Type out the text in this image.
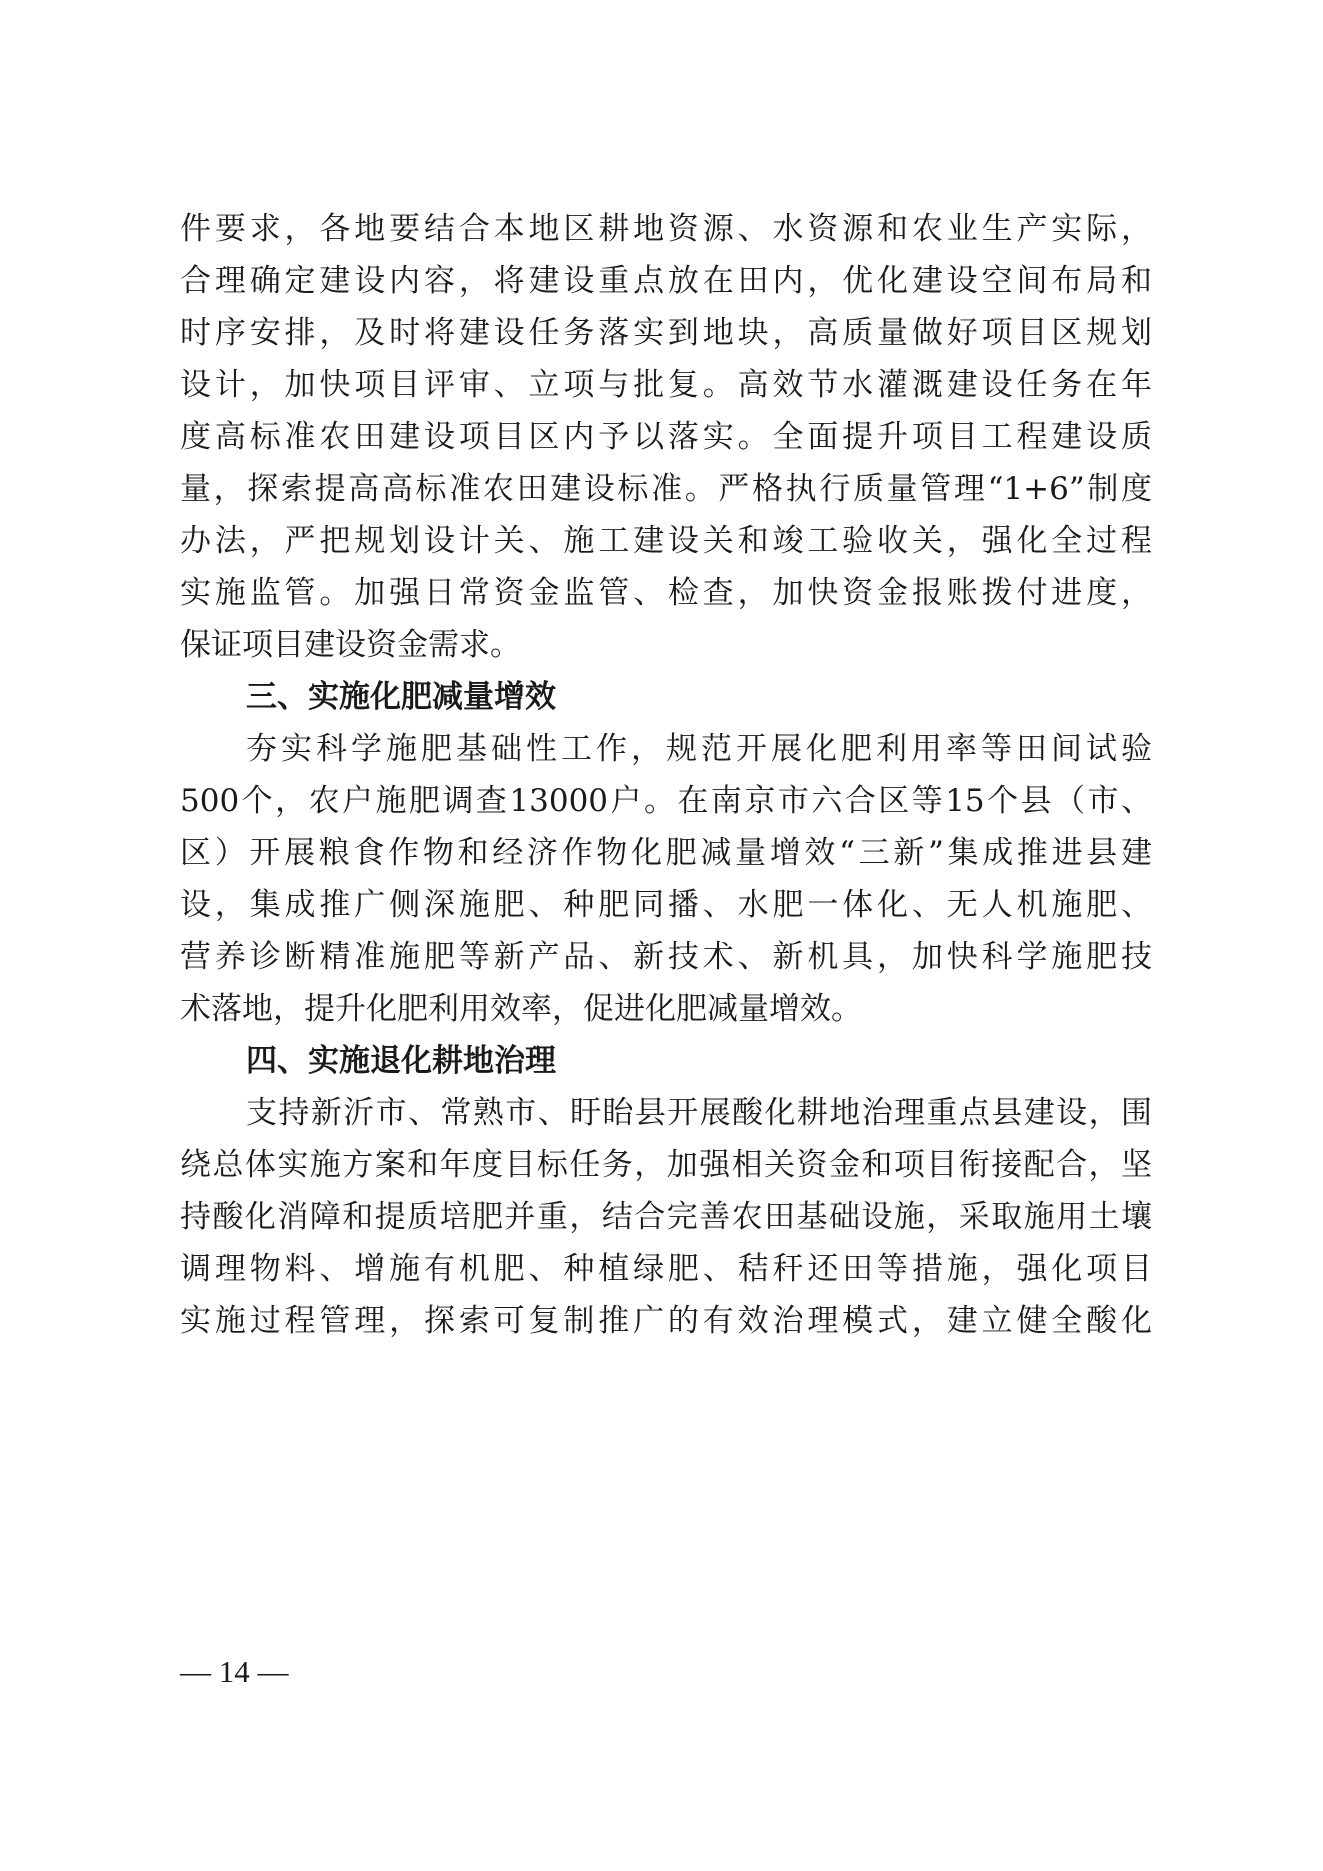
件要求，各地要结合本地区耕地资源、水资源和农业生产实际，
合理确定建设内容，将建设重点放在田内，优化建设空间布局和
时序安排，及时将建设任务落实到地块，高质量做好项目区规划
设计，加快项目评审、立项与批复。高效节水灌溉建设任务在年
度高标准农田建设项目区内予以落实。全面提升项目工程建设质
量，探索提高高标准农田建设标准。严格执行质量管理“1+6”制度
办法，严把规划设计关、施工建设关和竣工验收关，强化全过程
实施监管。加强日常资金监管、检查，加快资金报账拨付进度，
保证项目建设资金需求。
三、实施化肥减量增效
夯实科学施肥基础性工作，规范开展化肥利用率等田间试验
500个，农户施肥调查13000户。在南京市六合区等15个县（市、
区）开展粮食作物和经济作物化肥减量增效“三新”集成推进县建
设，集成推广侧深施肥、种肥同播、水肥一体化、无人机施肥、
营养诊断精准施肥等新产品、新技术、新机具，加快科学施肥技
术落地，提升化肥利用效率，促进化肥减量增效。
四、实施退化耕地治理
支持新沂市、常熟市、盱眙县开展酸化耕地治理重点县建设，围
绕总体实施方案和年度目标任务，加强相关资金和项目衔接配合，坚
持酸化消障和提质培肥并重，结合完善农田基础设施，采取施用土壤
调理物料、增施有机肥、种植绿肥、秸秆还田等措施，强化项目
实施过程管理，探索可复制推广的有效治理模式，建立健全酸化
— 14 —
